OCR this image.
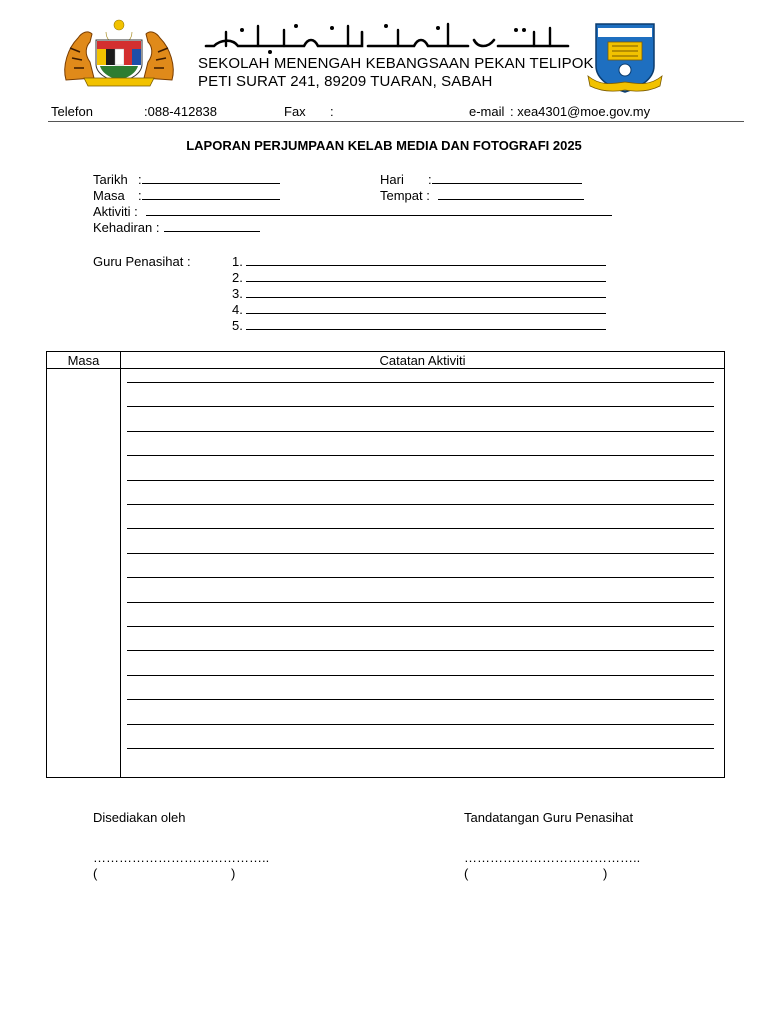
SEKOLAH MENENGAH KEBANGSAAN PEKAN TELIPOK
PETI SURAT 241, 89209 TUARAN, SABAH
Telefon	:088-412838	Fax :	e-mail : xea4301@moe.gov.my
LAPORAN PERJUMPAAN KELAB MEDIA DAN FOTOGRAFI 2025
Tarikh :	Hari :
Masa :	Tempat :
Aktiviti :
Kehadiran :
Guru Penasihat :	1.
2.
3.
4.
5.
Masa	Catatan Aktiviti

Disediakan oleh	Tandatangan Guru Penasihat
…………………………………..	…………………………………..
(	)	(	)
